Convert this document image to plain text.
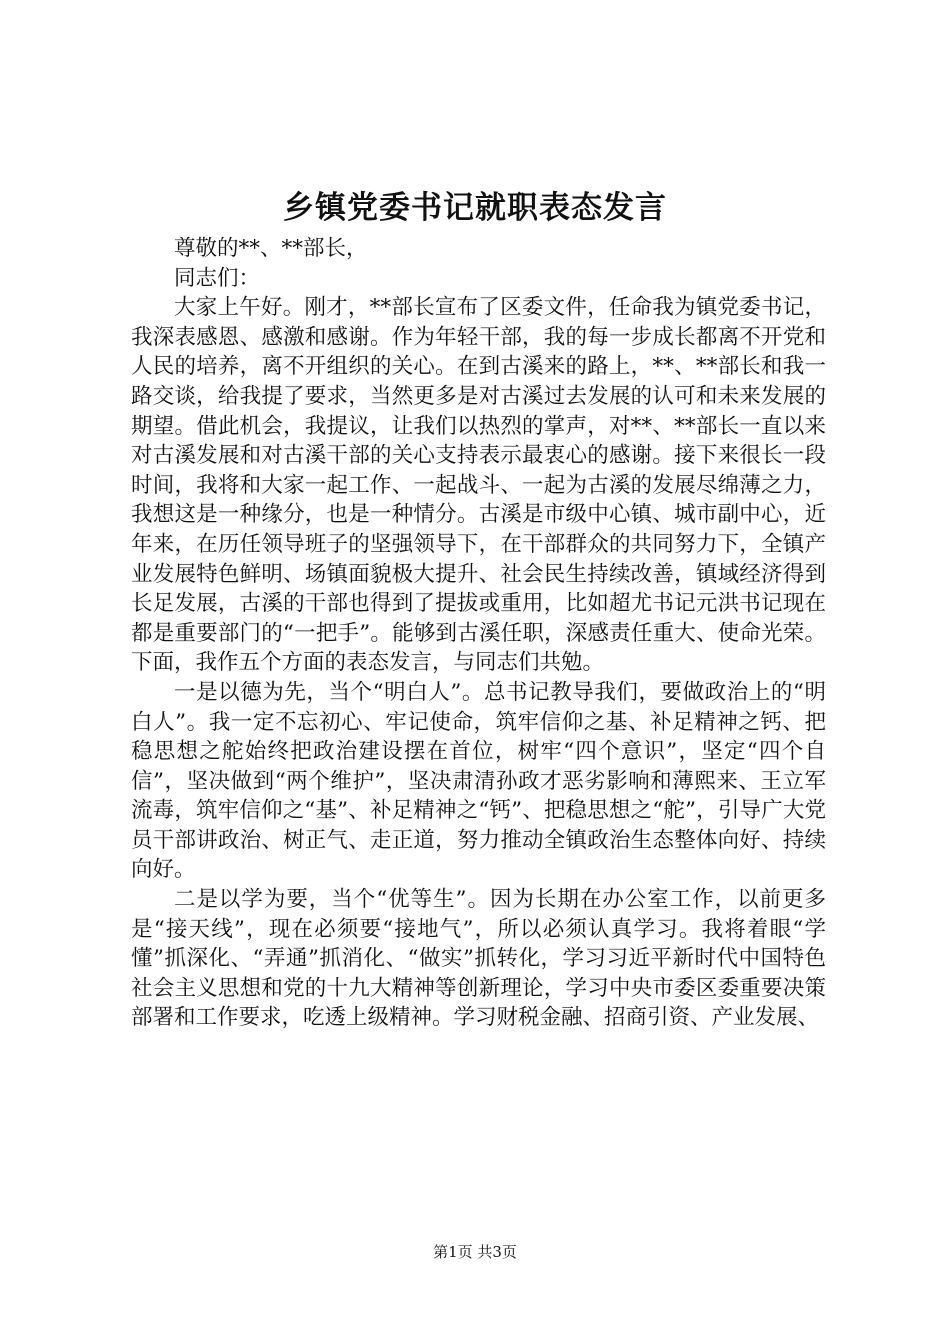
乡镇党委书记就职表态发言

尊敬的**、**部长，

同志们：

大家上午好。刚才，**部长宣布了区委文件，任命我为镇党委书记，我深表感恩、感激和感谢。作为年轻干部，我的每一步成长都离不开党和人民的培养，离不开组织的关心。在到古溪来的路上，**、**部长和我一路交谈，给我提了要求，当然更多是对古溪过去发展的认可和未来发展的期望。借此机会，我提议，让我们以热烈的掌声，对**、**部长一直以来对古溪发展和对古溪干部的关心支持表示最衷心的感谢。接下来很长一段时间，我将和大家一起工作、一起战斗、一起为古溪的发展尽绵薄之力，我想这是一种缘分，也是一种情分。古溪是市级中心镇、城市副中心，近年来，在历任领导班子的坚强领导下，在干部群众的共同努力下，全镇产业发展特色鲜明、场镇面貌极大提升、社会民生持续改善，镇域经济得到长足发展，古溪的干部也得到了提拔或重用，比如超尤书记元洪书记现在都是重要部门的“一把手”。能够到古溪任职，深感责任重大、使命光荣。下面，我作五个方面的表态发言，与同志们共勉。

一是以德为先，当个“明白人”。总书记教导我们，要做政治上的“明白人”。我一定不忘初心、牢记使命，筑牢信仰之基、补足精神之钙、把稳思想之舵始终把政治建设摆在首位，树牢“四个意识”，坚定“四个自信”，坚决做到“两个维护”，坚决肃清孙政才恶劣影响和薄熙来、王立军流毒，筑牢信仰之“基”、补足精神之“钙”、把稳思想之“舵”，引导广大党员干部讲政治、树正气、走正道，努力推动全镇政治生态整体向好、持续向好。

二是以学为要，当个“优等生”。因为长期在办公室工作，以前更多是“接天线”，现在必须要“接地气”，所以必须认真学习。我将着眼“学懂”抓深化、“弄通”抓消化、“做实”抓转化，学习习近平新时代中国特色社会主义思想和党的十九大精神等创新理论，学习中央市委区委重要决策部署和工作要求，吃透上级精神。学习财税金融、招商引资、产业发展、

第1页 共3页
